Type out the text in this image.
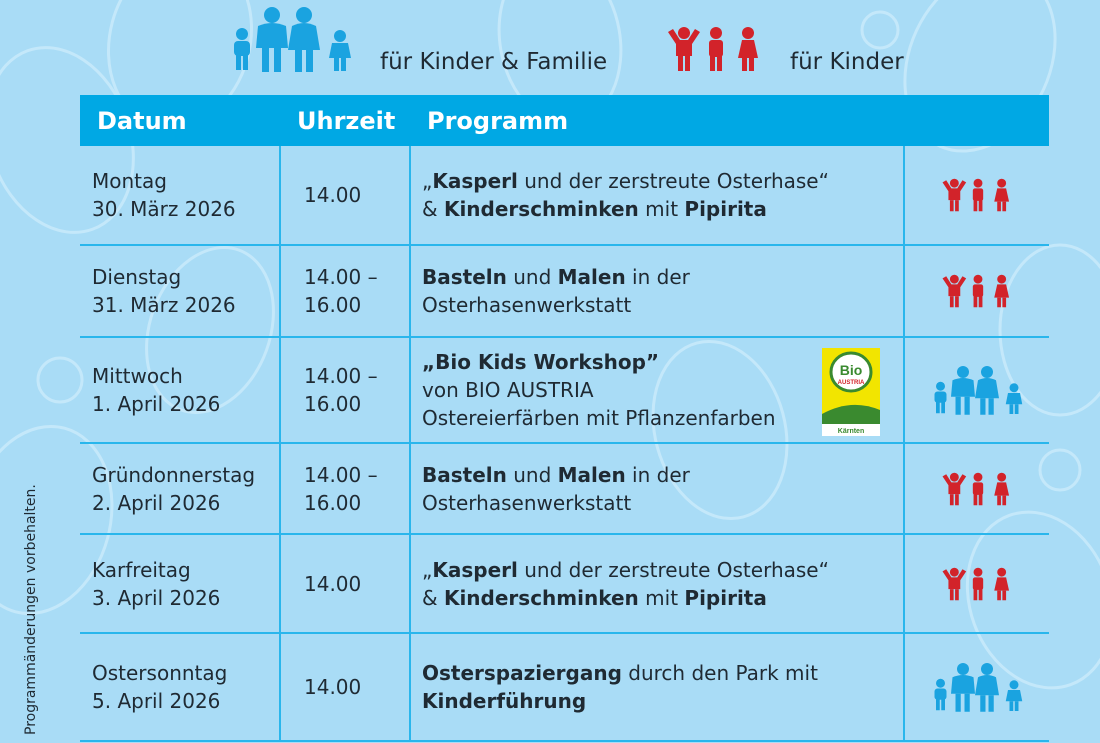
für Kinder & Familie	für Kinder
Programmänderungen vorbehalten.
Datum	Uhrzeit Programm
Montag
30. März 2026
14.00
„Kasperl und der zerstreute Osterhase“
& Kinderschminken mit Pipirita
Dienstag
31. März 2026
14.00 –
16.00
Basteln und Malen in der
Osterhasenwerkstatt
Mittwoch
1. April 2026
14.00 –
16.00
„Bio Kids Workshop”
von BIO AUSTRIA
Ostereierfärben mit Pflanzenfarben
Bio
AUSTRIA
Kärnten
Gründonnerstag
2. April 2026
14.00 –
16.00
Basteln und Malen in der
Osterhasenwerkstatt
Karfreitag
3. April 2026
14.00
„Kasperl und der zerstreute Osterhase“
& Kinderschminken mit Pipirita
Ostersonntag
5. April 2026
14.00
Osterspaziergang durch den Park mit
Kinderführung
